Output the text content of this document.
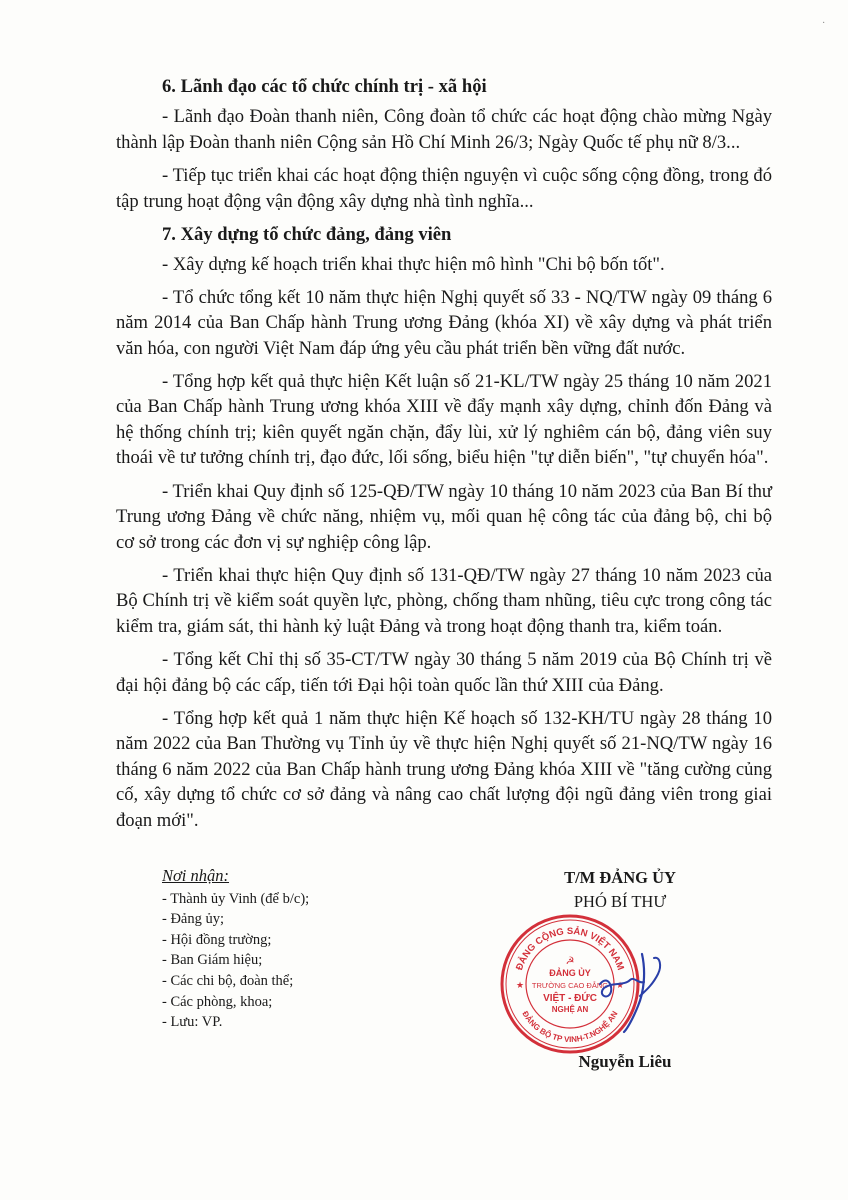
·
6. Lãnh đạo các tổ chức chính trị - xã hội

- Lãnh đạo Đoàn thanh niên, Công đoàn tổ chức các hoạt động chào mừng Ngày thành lập Đoàn thanh niên Cộng sản Hồ Chí Minh 26/3; Ngày Quốc tế phụ nữ 8/3...

- Tiếp tục triển khai các hoạt động thiện nguyện vì cuộc sống cộng đồng, trong đó tập trung hoạt động vận động xây dựng nhà tình nghĩa...

7. Xây dựng tổ chức đảng, đảng viên

- Xây dựng kế hoạch triển khai thực hiện mô hình "Chi bộ bốn tốt".

- Tổ chức tổng kết 10 năm thực hiện Nghị quyết số 33 - NQ/TW ngày 09 tháng 6 năm 2014 của Ban Chấp hành Trung ương Đảng (khóa XI) về xây dựng và phát triển văn hóa, con người Việt Nam đáp ứng yêu cầu phát triển bền vững đất nước.

- Tổng hợp kết quả thực hiện Kết luận số 21-KL/TW ngày 25 tháng 10 năm 2021 của Ban Chấp hành Trung ương khóa XIII về đẩy mạnh xây dựng, chỉnh đốn Đảng và hệ thống chính trị; kiên quyết ngăn chặn, đẩy lùi, xử lý nghiêm cán bộ, đảng viên suy thoái về tư tưởng chính trị, đạo đức, lối sống, biểu hiện "tự diễn biến", "tự chuyển hóa".

- Triển khai Quy định số 125-QĐ/TW ngày 10 tháng 10 năm 2023 của Ban Bí thư Trung ương Đảng về chức năng, nhiệm vụ, mối quan hệ công tác của đảng bộ, chi bộ cơ sở trong các đơn vị sự nghiệp công lập.

- Triển khai thực hiện Quy định số 131-QĐ/TW ngày 27 tháng 10 năm 2023 của Bộ Chính trị về kiểm soát quyền lực, phòng, chống tham nhũng, tiêu cực trong công tác kiểm tra, giám sát, thi hành kỷ luật Đảng và trong hoạt động thanh tra, kiểm toán.

- Tổng kết Chỉ thị số 35-CT/TW ngày 30 tháng 5 năm 2019 của Bộ Chính trị về đại hội đảng bộ các cấp, tiến tới Đại hội toàn quốc lần thứ XIII của Đảng.

- Tổng hợp kết quả 1 năm thực hiện Kế hoạch số 132-KH/TU ngày 28 tháng 10 năm 2022 của Ban Thường vụ Tỉnh ủy về thực hiện Nghị quyết số 21-NQ/TW ngày 16 tháng 6 năm 2022 của Ban Chấp hành trung ương Đảng khóa XIII về "tăng cường củng cố, xây dựng tổ chức cơ sở đảng và nâng cao chất lượng đội ngũ đảng viên trong giai đoạn mới".

Nơi nhận:
- Thành ủy Vinh (để b/c);
- Đảng ủy;
- Hội đồng trường;
- Ban Giám hiệu;
- Các chi bộ, đoàn thể;
- Các phòng, khoa;
- Lưu: VP.
T/M ĐẢNG ỦY
PHÓ BÍ THƯ
ĐẢNG CỘNG SẢN VIỆT NAM
ĐẢNG BỘ TP VINH-T.NGHỆ AN
★	★
☭
ĐẢNG ỦY
TRƯỜNG CAO ĐẲNG
VIỆT - ĐỨC
NGHỆ AN
Nguyễn Liêu
